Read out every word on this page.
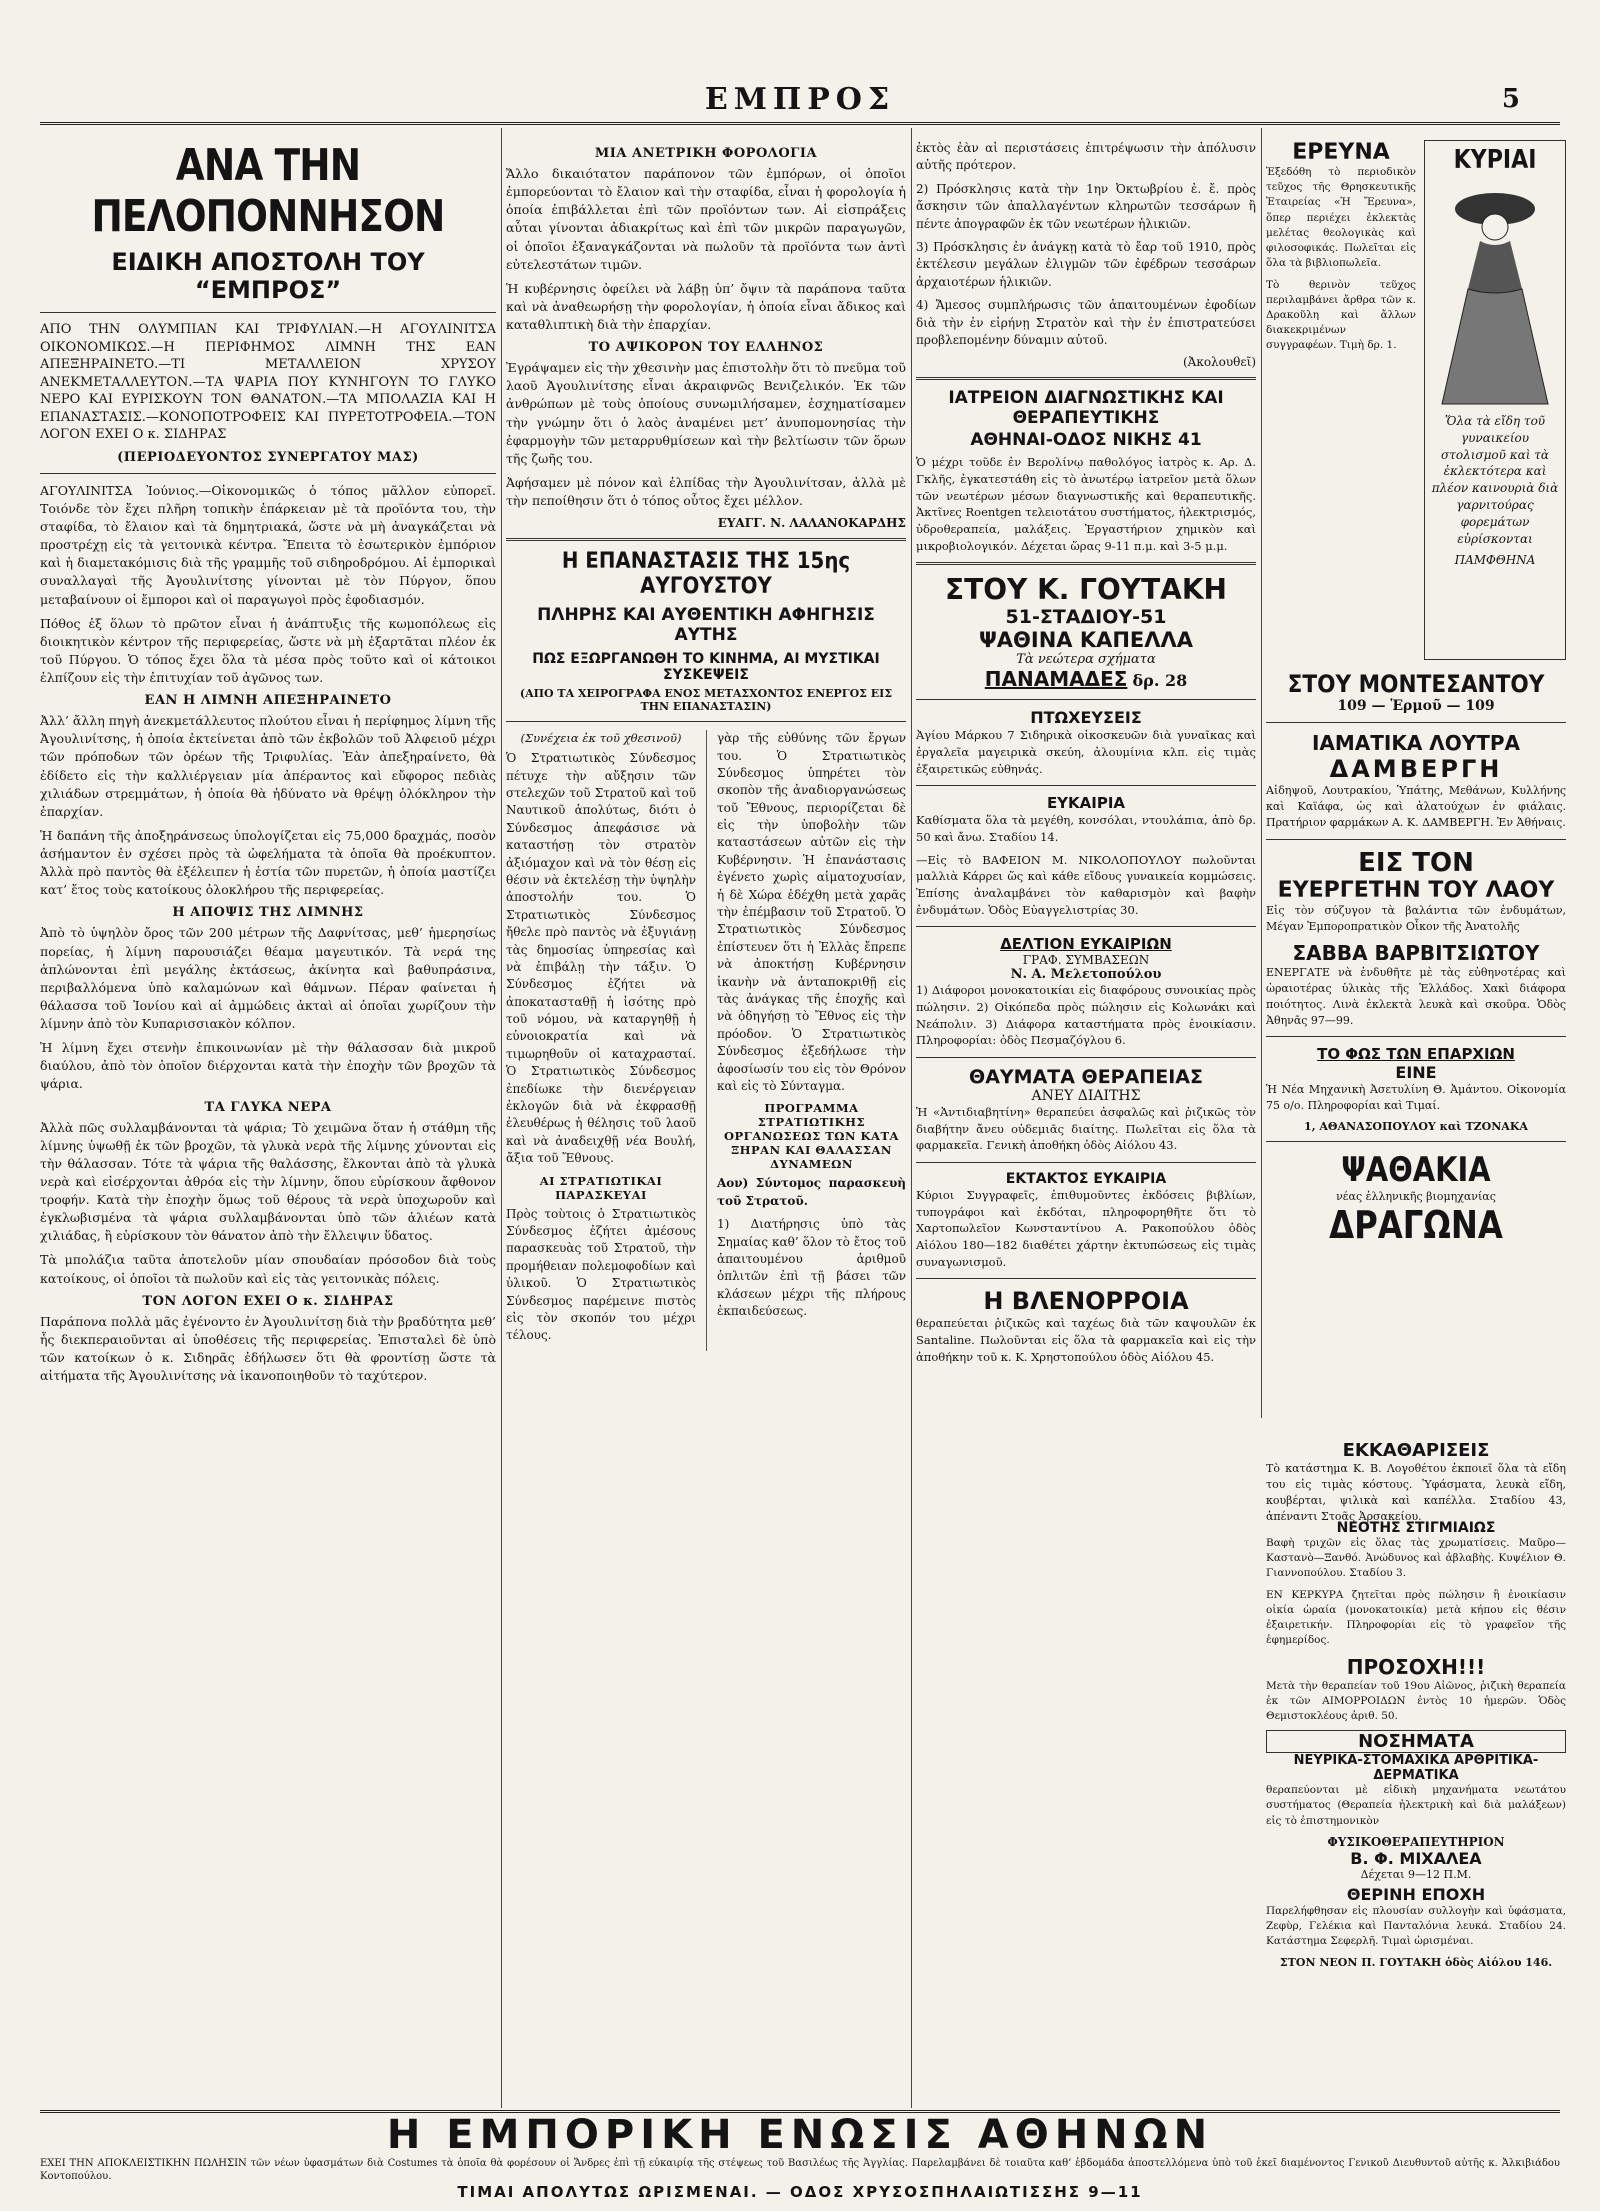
ΕΜΠΡΟΣ	5
ΑΝΑ ΤΗΝ ΠΕΛΟΠΟΝΝΗΣΟΝ
ΕΙΔΙΚΗ ΑΠΟΣΤΟΛΗ ΤΟΥ “ΕΜΠΡΟΣ”
ΑΠΟ ΤΗΝ ΟΛΥΜΠΙΑΝ ΚΑΙ ΤΡΙΦΥΛΙΑΝ.—Η ΑΓΟΥΛΙΝΙΤΣΑ ΟΙΚΟΝΟΜΙΚΩΣ.—Η ΠΕΡΙΦΗΜΟΣ ΛΙΜΝΗ ΤΗΣ ΕΑΝ ΑΠΕΞΗΡΑΙΝΕΤΟ.—ΤΙ ΜΕΤΑΛΛΕΙΟΝ ΧΡΥΣΟΥ ΑΝΕΚΜΕΤΑΛΛΕΥΤΟΝ.—ΤΑ ΨΑΡΙΑ ΠΟΥ ΚΥΝΗΓΟΥΝ ΤΟ ΓΛΥΚΟ ΝΕΡΟ ΚΑΙ ΕΥΡΙΣΚΟΥΝ ΤΟΝ ΘΑΝΑΤΟΝ.—ΤΑ ΜΠΟΛΑΖΙΑ ΚΑΙ Η ΕΠΑΝΑΣΤΑΣΙΣ.—ΚΟΝΟΠΟΤΡΟΦΕΙΣ ΚΑΙ ΠΥΡΕΤΟΤΡΟΦΕΙΑ.—ΤΟΝ ΛΟΓΟΝ ΕΧΕΙ Ο κ. ΣΙΔΗΡΑΣ
(ΠΕΡΙΟΔΕΥΟΝΤΟΣ ΣΥΝΕΡΓΑΤΟΥ ΜΑΣ)

ΑΓΟΥΛΙΝΙΤΣΑ Ἰούνιος.—Οἰκονομικῶς ὁ τόπος μᾶλλον εὐπορεῖ. Τοιόνδε τὸν ἔχει πλῆρη τοπικὴν ἐπάρκειαν μὲ τὰ προϊόντα του, τὴν σταφίδα, τὸ ἔλαιον καὶ τὰ δημητριακά, ὥστε νὰ μὴ ἀναγκάζεται νὰ προστρέχῃ εἰς τὰ γειτονικὰ κέντρα. Ἔπειτα τὸ ἐσωτερικὸν ἐμπόριον καὶ ἡ διαμετακόμισις διὰ τῆς γραμμῆς τοῦ σιδηροδρόμου. Αἱ ἐμπορικαὶ συναλλαγαὶ τῆς Ἀγουλινίτσης γίνονται μὲ τὸν Πύργον, ὅπου μεταβαίνουν οἱ ἔμποροι καὶ οἱ παραγωγοὶ πρὸς ἐφοδιασμόν.

Πόθος ἐξ ὅλων τὸ πρῶτον εἶναι ἡ ἀνάπτυξις τῆς κωμοπόλεως εἰς διοικητικὸν κέντρον τῆς περιφερείας, ὥστε νὰ μὴ ἐξαρτᾶται πλέον ἐκ τοῦ Πύργου. Ὁ τόπος ἔχει ὅλα τὰ μέσα πρὸς τοῦτο καὶ οἱ κάτοικοι ἐλπίζουν εἰς τὴν ἐπιτυχίαν τοῦ ἀγῶνος των.

ΕΑΝ Η ΛΙΜΝΗ ΑΠΕΞΗΡΑΙΝΕΤΟ

Ἀλλ’ ἄλλη πηγὴ ἀνεκμετάλλευτος πλούτου εἶναι ἡ περίφημος λίμνη τῆς Ἀγουλινίτσης, ἡ ὁποία ἐκτείνεται ἀπὸ τῶν ἐκβολῶν τοῦ Ἀλφειοῦ μέχρι τῶν πρόποδων τῶν ὀρέων τῆς Τριφυλίας. Ἐὰν ἀπεξηραίνετο, θὰ ἐδίδετο εἰς τὴν καλλιέργειαν μία ἀπέραντος καὶ εὔφορος πεδιὰς χιλιάδων στρεμμάτων, ἡ ὁποία θὰ ἠδύνατο νὰ θρέψῃ ὁλόκληρον τὴν ἐπαρχίαν.

Ἡ δαπάνη τῆς ἀποξηράνσεως ὑπολογίζεται εἰς 75,000 δραχμάς, ποσὸν ἀσήμαντον ἐν σχέσει πρὸς τὰ ὠφελήματα τὰ ὁποῖα θὰ προέκυπτον. Ἀλλὰ πρὸ παντὸς θὰ ἐξέλειπεν ἡ ἑστία τῶν πυρετῶν, ἡ ὁποία μαστίζει κατ’ ἔτος τοὺς κατοίκους ὁλοκλήρου τῆς περιφερείας.

Η ΑΠΟΨΙΣ ΤΗΣ ΛΙΜΝΗΣ

Ἀπὸ τὸ ὑψηλὸν ὄρος τῶν 200 μέτρων τῆς Δαφνίτσας, μεθ’ ἡμερησίως πορείας, ἡ λίμνη παρουσιάζει θέαμα μαγευτικόν. Τὰ νερά της ἁπλώνονται ἐπὶ μεγάλης ἐκτάσεως, ἀκίνητα καὶ βαθυπράσινα, περιβαλλόμενα ὑπὸ καλαμώνων καὶ θάμνων. Πέραν φαίνεται ἡ θάλασσα τοῦ Ἰονίου καὶ αἱ ἀμμώδεις ἀκταὶ αἱ ὁποῖαι χωρίζουν τὴν λίμνην ἀπὸ τὸν Κυπαρισσιακὸν κόλπον.

Ἡ λίμνη ἔχει στενὴν ἐπικοινωνίαν μὲ τὴν θάλασσαν διὰ μικροῦ διαύλου, ἀπὸ τὸν ὁποῖον διέρχονται κατὰ τὴν ἐποχὴν τῶν βροχῶν τὰ ψάρια.

ΤΑ ΓΛΥΚΑ ΝΕΡΑ

Ἀλλὰ πῶς συλλαμβάνονται τὰ ψάρια; Τὸ χειμῶνα ὅταν ἡ στάθμη τῆς λίμνης ὑψωθῇ ἐκ τῶν βροχῶν, τὰ γλυκὰ νερὰ τῆς λίμνης χύνονται εἰς τὴν θάλασσαν. Τότε τὰ ψάρια τῆς θαλάσσης, ἔλκονται ἀπὸ τὰ γλυκὰ νερὰ καὶ εἰσέρχονται ἀθρόα εἰς τὴν λίμνην, ὅπου εὑρίσκουν ἄφθονον τροφήν. Κατὰ τὴν ἐποχὴν ὅμως τοῦ θέρους τὰ νερὰ ὑποχωροῦν καὶ ἐγκλωβισμένα τὰ ψάρια συλλαμβάνονται ὑπὸ τῶν ἁλιέων κατὰ χιλιάδας, ἢ εὑρίσκουν τὸν θάνατον ἀπὸ τὴν ἔλλειψιν ὕδατος.

Τὰ μπολάζια ταῦτα ἀποτελοῦν μίαν σπουδαίαν πρόσοδον διὰ τοὺς κατοίκους, οἱ ὁποῖοι τὰ πωλοῦν καὶ εἰς τὰς γειτονικὰς πόλεις.

ΤΟΝ ΛΟΓΟΝ ΕΧΕΙ Ο κ. ΣΙΔΗΡΑΣ

Παράπονα πολλὰ μᾶς ἐγένοντο ἐν Ἀγουλινίτσῃ διὰ τὴν βραδύτητα μεθ’ ἧς διεκπεραιοῦνται αἱ ὑποθέσεις τῆς περιφερείας. Ἐπισταλεὶ δὲ ὑπὸ τῶν κατοίκων ὁ κ. Σιδηρᾶς ἐδήλωσεν ὅτι θὰ φροντίσῃ ὥστε τὰ αἰτήματα τῆς Ἀγουλινίτσης νὰ ἱκανοποιηθοῦν τὸ ταχύτερον.

ΜΙΑ ΑΝΕΤΡΙΚΗ ΦΟΡΟΛΟΓΙΑ

Ἄλλο δικαιότατον παράπονον τῶν ἐμπόρων, οἱ ὁποῖοι ἐμπορεύονται τὸ ἔλαιον καὶ τὴν σταφίδα, εἶναι ἡ φορολογία ἡ ὁποία ἐπιβάλλεται ἐπὶ τῶν προϊόντων των. Αἱ εἰσπράξεις αὗται γίνονται ἀδιακρίτως καὶ ἐπὶ τῶν μικρῶν παραγωγῶν, οἱ ὁποῖοι ἐξαναγκάζονται νὰ πωλοῦν τὰ προϊόντα των ἀντὶ εὐτελεστάτων τιμῶν.

Ἡ κυβέρνησις ὀφείλει νὰ λάβῃ ὑπ’ ὄψιν τὰ παράπονα ταῦτα καὶ νὰ ἀναθεωρήσῃ τὴν φορολογίαν, ἡ ὁποία εἶναι ἄδικος καὶ καταθλιπτικὴ διὰ τὴν ἐπαρχίαν.

ΤΟ ΑΨΙΚΟΡΟΝ ΤΟΥ ΕΛΛΗΝΟΣ

Ἐγράψαμεν εἰς τὴν χθεσινὴν μας ἐπιστολὴν ὅτι τὸ πνεῦμα τοῦ λαοῦ Ἀγουλινίτσης εἶναι ἀκραιφνῶς Βενιζελικόν. Ἐκ τῶν ἀνθρώπων μὲ τοὺς ὁποίους συνωμιλήσαμεν, ἐσχηματίσαμεν τὴν γνώμην ὅτι ὁ λαὸς ἀναμένει μετ’ ἀνυπομονησίας τὴν ἐφαρμογὴν τῶν μεταρρυθμίσεων καὶ τὴν βελτίωσιν τῶν ὅρων τῆς ζωῆς του.

Ἀφήσαμεν μὲ πόνον καὶ ἐλπίδας τὴν Ἀγουλινίτσαν, ἀλλὰ μὲ τὴν πεποίθησιν ὅτι ὁ τόπος οὗτος ἔχει μέλλον.

ΕΥΑΓΓ. Ν. ΛΑΛΑΝΟΚΑΡΔΗΣ
Η ΕΠΑΝΑΣΤΑΣΙΣ ΤΗΣ 15ης ΑΥΓΟΥΣΤΟΥ
ΠΛΗΡΗΣ ΚΑΙ ΑΥΘΕΝΤΙΚΗ ΑΦΗΓΗΣΙΣ ΑΥΤΗΣ
ΠΩΣ ΕΞΩΡΓΑΝΩΘΗ ΤΟ ΚΙΝΗΜΑ, ΑΙ ΜΥΣΤΙΚΑΙ ΣΥΣΚΕΨΕΙΣ
(ΑΠΟ ΤΑ ΧΕΙΡΟΓΡΑΦΑ ΕΝΟΣ ΜΕΤΑΣΧΟΝΤΟΣ ΕΝΕΡΓΟΣ ΕΙΣ ΤΗΝ ΕΠΑΝΑΣΤΑΣΙΝ)
(Συνέχεια ἐκ τοῦ χθεσινοῦ)

Ὁ Στρατιωτικὸς Σύνδεσμος πέτυχε τὴν αὔξησιν τῶν στελεχῶν τοῦ Στρατοῦ καὶ τοῦ Ναυτικοῦ ἀπολύτως, διότι ὁ Σύνδεσμος ἀπεφάσισε νὰ καταστήσῃ τὸν στρατὸν ἀξιόμαχον καὶ νὰ τὸν θέσῃ εἰς θέσιν νὰ ἐκτελέσῃ τὴν ὑψηλὴν ἀποστολήν του. Ὁ Στρατιωτικὸς Σύνδεσμος ἤθελε πρὸ παντὸς νὰ ἐξυγιάνῃ τὰς δημοσίας ὑπηρεσίας καὶ νὰ ἐπιβάλῃ τὴν τάξιν. Ὁ Σύνδεσμος ἐζήτει νὰ ἀποκατασταθῇ ἡ ἰσότης πρὸ τοῦ νόμου, νὰ καταργηθῇ ἡ εὐνοιοκρατία καὶ νὰ τιμωρηθοῦν οἱ καταχρασταί. Ὁ Στρατιωτικὸς Σύνδεσμος ἐπεδίωκε τὴν διενέργειαν ἐκλογῶν διὰ νὰ ἐκφρασθῇ ἐλευθέρως ἡ θέλησις τοῦ λαοῦ καὶ νὰ ἀναδειχθῇ νέα Βουλή, ἄξια τοῦ Ἔθνους.

ΑΙ ΣΤΡΑΤΙΩΤΙΚΑΙ ΠΑΡΑΣΚΕΥΑΙ

Πρὸς τοὺτοις ὁ Στρατιωτικὸς Σύνδεσμος ἐζήτει ἀμέσους παρασκευὰς τοῦ Στρατοῦ, τὴν προμήθειαν πολεμοφοδίων καὶ ὑλικοῦ. Ὁ Στρατιωτικὸς Σύνδεσμος παρέμεινε πιστὸς εἰς τὸν σκοπόν του μέχρι τέλους.

γὰρ τῆς εὐθύνης τῶν ἔργων του. Ὁ Στρατιωτικὸς Σύνδεσμος ὑπηρέτει τὸν σκοπὸν τῆς ἀναδιοργανώσεως τοῦ Ἔθνους, περιορίζεται δὲ εἰς τὴν ὑποβολὴν τῶν καταστάσεων αὐτῶν εἰς τὴν Κυβέρνησιν. Ἡ ἐπανάστασις ἐγένετο χωρὶς αἱματοχυσίαν, ἡ δὲ Χώρα ἐδέχθη μετὰ χαρᾶς τὴν ἐπέμβασιν τοῦ Στρατοῦ. Ὁ Στρατιωτικὸς Σύνδεσμος ἐπίστευεν ὅτι ἡ Ἑλλὰς ἔπρεπε νὰ ἀποκτήσῃ Κυβέρνησιν ἱκανὴν νὰ ἀνταποκριθῇ εἰς τὰς ἀνάγκας τῆς ἐποχῆς καὶ νὰ ὁδηγήσῃ τὸ Ἔθνος εἰς τὴν πρόοδον. Ὁ Στρατιωτικὸς Σύνδεσμος ἐξεδήλωσε τὴν ἀφοσίωσίν του εἰς τὸν Θρόνον καὶ εἰς τὸ Σύνταγμα.

ΠΡΟΓΡΑΜΜΑ ΣΤΡΑΤΙΩΤΙΚΗΣ ΟΡΓΑΝΩΣΕΩΣ ΤΩΝ ΚΑΤΑ ΞΗΡΑΝ ΚΑΙ ΘΑΛΑΣΣΑΝ ΔΥΝΑΜΕΩΝ

Αον) Σύντομος παρασκευὴ τοῦ Στρατοῦ.

1) Διατήρησις ὑπὸ τὰς Σημαίας καθ’ ὅλον τὸ ἔτος τοῦ ἀπαιτουμένου ἀριθμοῦ ὁπλιτῶν ἐπὶ τῇ βάσει τῶν κλάσεων μέχρι τῆς πλήρους ἐκπαιδεύσεως.

ἐκτὸς ἐὰν αἱ περιστάσεις ἐπιτρέψωσιν τὴν ἀπόλυσιν αὐτῆς πρότερον.

2) Πρόσκλησις κατὰ τὴν 1ην Ὀκτωβρίου ἐ. ἔ. πρὸς ἄσκησιν τῶν ἀπαλλαγέντων κληρωτῶν τεσσάρων ἢ πέντε ἀπογραφῶν ἐκ τῶν νεωτέρων ἡλικιῶν.

3) Πρόσκλησις ἐν ἀνάγκῃ κατὰ τὸ ἔαρ τοῦ 1910, πρὸς ἐκτέλεσιν μεγάλων ἐλιγμῶν τῶν ἐφέδρων τεσσάρων ἀρχαιοτέρων ἡλικιῶν.

4) Ἄμεσος συμπλήρωσις τῶν ἀπαιτουμένων ἐφοδίων διὰ τὴν ἐν εἰρήνῃ Στρατὸν καὶ τὴν ἐν ἐπιστρατεύσει προβλεπομένην δύναμιν αὐτοῦ.

(Ἀκολουθεῖ)
ΙΑΤΡΕΙΟΝ ΔΙΑΓΝΩΣΤΙΚΗΣ ΚΑΙ ΘΕΡΑΠΕΥΤΙΚΗΣ
ΑΘΗΝΑΙ-ΟΔΟΣ ΝΙΚΗΣ 41

Ὁ μέχρι τοῦδε ἐν Βερολίνῳ παθολόγος ἰατρὸς κ. Αρ. Δ. Γκλῆς, ἐγκατεστάθη εἰς τὸ ἀνωτέρῳ ἰατρεῖον μετὰ ὅλων τῶν νεωτέρων μέσων διαγνωστικῆς καὶ θεραπευτικῆς. Ἀκτῖνες Roentgen τελειοτάτου συστήματος, ἠλεκτρισμός, ὑδροθεραπεία, μαλάξεις. Ἐργαστήριον χημικὸν καὶ μικροβιολογικόν. Δέχεται ὥρας 9-11 π.μ. καὶ 3-5 μ.μ.

ΣΤΟΥ Κ. ΓΟΥΤΑΚΗ
51-ΣΤΑΔΙΟΥ-51
ΨΑΘΙΝΑ ΚΑΠΕΛΛΑ
Τὰ νεώτερα σχήματα
ΠΑΝΑΜΑΔΕΣ δρ. 28
ΠΤΩΧΕΥΣΕΙΣ

Ἀγίου Μάρκου 7 Σιδηρικὰ οἰκοσκευῶν διὰ γυναῖκας καὶ ἐργαλεῖα μαγειρικὰ σκεύη, ἀλουμίνια κλπ. εἰς τιμὰς ἐξαιρετικῶς εὐθηνάς.

ΕΥΚΑΙΡΙΑ

Καθίσματα ὅλα τὰ μεγέθη, κονσόλαι, ντουλάπια, ἀπὸ δρ. 50 καὶ ἄνω. Σταδίου 14.

—Εἰς τὸ ΒΑΦΕΙΟΝ Μ. ΝΙΚΟΛΟΠΟΥΛΟΥ πωλοῦνται μαλλιὰ Κάρρει ὥς καὶ κάθε εἴδους γυναικεία κομμώσεις. Ἐπίσης ἀναλαμβάνει τὸν καθαρισμὸν καὶ βαφὴν ἐνδυμάτων. Ὁδὸς Εὐαγγελιστρίας 30.

ΔΕΛΤΙΟΝ ΕΥΚΑΙΡΙΩΝ
ΓΡΑΦ. ΣΥΜΒΑΣΕΩΝ
Ν. Α. Μελετοπούλου

1) Διάφοροι μονοκατοικίαι εἰς διαφόρους συνοικίας πρὸς πώλησιν. 2) Οἰκόπεδα πρὸς πώλησιν εἰς Κολωνάκι καὶ Νεάπολιν. 3) Διάφορα καταστήματα πρὸς ἐνοικίασιν. Πληροφορίαι: ὁδὸς Πεσμαζόγλου 6.

ΘΑΥΜΑΤΑ ΘΕΡΑΠΕΙΑΣ
ΑΝΕΥ ΔΙΑΙΤΗΣ

Ἡ «Ἀντιδιαβητίνη» θεραπεύει ἀσφαλῶς καὶ ῥιζικῶς τὸν διαβήτην ἄνευ οὐδεμιᾶς διαίτης. Πωλεῖται εἰς ὅλα τὰ φαρμακεῖα. Γενικὴ ἀποθήκη ὁδὸς Αἰόλου 43.

ΕΚΤΑΚΤΟΣ ΕΥΚΑΙΡΙΑ

Κύριοι Συγγραφεῖς, ἐπιθυμοῦντες ἐκδόσεις βιβλίων, τυπογράφοι καὶ ἐκδόται, πληροφορηθῆτε ὅτι τὸ Χαρτοπωλεῖον Κωνσταντίνου Α. Ρακοπούλου ὁδὸς Αἰόλου 180—182 διαθέτει χάρτην ἐκτυπώσεως εἰς τιμὰς συναγωνισμοῦ.

Η ΒΛΕΝΟΡΡΟΙΑ

θεραπεύεται ῥιζικῶς καὶ ταχέως διὰ τῶν καψουλῶν ἐκ Santaline. Πωλοῦνται εἰς ὅλα τὰ φαρμακεῖα καὶ εἰς τὴν ἀποθήκην τοῦ κ. Κ. Χρηστοπούλου ὁδὸς Αἰόλου 45.

ΕΡΕΥΝΑ

Ἐξεδόθη τὸ περιοδικὸν τεῦχος τῆς Θρησκευτικῆς Ἐταιρείας «Ἡ Ἔρευνα», ὅπερ περιέχει ἐκλεκτὰς μελέτας θεολογικὰς καὶ φιλοσοφικάς. Πωλεῖται εἰς ὅλα τὰ βιβλιοπωλεῖα.

Τὸ θερινὸν τεῦχος περιλαμβάνει ἄρθρα τῶν κ. Δρακοῦλη καὶ ἄλλων διακεκριμένων συγγραφέων. Τιμὴ δρ. 1.

ΚΥΡΙΑΙ
Ὅλα τὰ εἴδη τοῦ γυναικείου στολισμοῦ καὶ τὰ ἐκλεκτότερα καὶ πλέον καινουριὰ διὰ γαρνιτούρας φορεμάτων εὑρίσκονται
ΠΑΜΦΘΗΝΑ
ΣΤΟΥ ΜΟΝΤΕΣΑΝΤΟΥ
109 — Ἑρμοῦ — 109
ΙΑΜΑΤΙΚΑ ΛΟΥΤΡΑ
ΔΑΜΒΕΡΓΗ

Αἰδηψοῦ, Λουτρακίου, Ὑπάτης, Μεθάνων, Κυλλήνης καὶ Καϊάφα, ὡς καὶ ἁλατούχων ἐν φιάλαις. Πρατήριον φαρμάκων Α. Κ. ΔΑΜΒΕΡΓΗ. Ἐν Ἀθήναις.

ΕΙΣ ΤΟΝ
ΕΥΕΡΓΕΤΗΝ ΤΟΥ ΛΑΟΥ

Εἰς τὸν σύζυγον τὰ βαλάντια τῶν ἐνδυμάτων, Μέγαν Ἐμποροπρατικὸν Οἶκον τῆς Ἀνατολῆς

ΣΑΒΒΑ ΒΑΡΒΙΤΣΙΩΤΟΥ

ΕΝΕΡΓΑΤΕ νὰ ἐνδυθῆτε μὲ τὰς εὐθηνοτέρας καὶ ὡραιοτέρας ὑλικὰς τῆς Ἑλλάδος. Χακὶ διάφορα ποιότητος. Λινὰ ἐκλεκτὰ λευκὰ καὶ σκοῦρα. Ὁδὸς Ἀθηνᾶς 97—99.

ΤΟ ΦΩΣ ΤΩΝ ΕΠΑΡΧΙΩΝ
ΕΙΝΕ

Ἡ Νέα Μηχανικὴ Ἀσετυλίνη Θ. Ἀμάντου. Οἰκονομία 75 ο/ο. Πληροφορίαι καὶ Τιμαί.

1, ΑΘΑΝΑΣΟΠΟΥΛΟΥ καὶ ΤΖΟΝΑΚΑ
ΨΑΘΑΚΙΑ
νέας ἑλληνικῆς βιομηχανίας
ΔΡΑΓΩΝΑ
ΕΚΚΑΘΑΡΙΣΕΙΣ

Τὸ κατάστημα Κ. Β. Λογοθέτου ἐκποιεῖ ὅλα τὰ εἴδη του εἰς τιμὰς κόστους. Ὑφάσματα, λευκὰ εἴδη, κουβέρται, ψιλικὰ καὶ καπέλλα. Σταδίου 43, ἀπέναντι Στοᾶς Ἀρσακείου.

ΝΕΟΤΗΣ ΣΤΙΓΜΙΑΙΩΣ

Βαφὴ τριχῶν εἰς ὅλας τὰς χρωματίσεις. Μαῦρο—Καστανὸ—Ξανθό. Ἀνώδυνος καὶ ἀβλαβὴς. Κυψέλιον Θ. Γιαννοπούλου. Σταδίου 3.

ΕΝ ΚΕΡΚΥΡΑ ζητεῖται πρὸς πώλησιν ἢ ἐνοικίασιν οἰκία ὡραία (μονοκατοικία) μετὰ κήπου εἰς θέσιν ἐξαιρετικήν. Πληροφορίαι εἰς τὸ γραφεῖον τῆς ἐφημερίδος.

ΠΡΟΣΟΧΗ!!!

Μετὰ τὴν θεραπείαν τοῦ 19ου Αἰῶνος, ῥιζικὴ θεραπεία ἐκ τῶν ΑΙΜΟΡΡΟΙΔΩΝ ἐντὸς 10 ἡμερῶν. Ὁδὸς Θεμιστοκλέους ἀριθ. 50.

ΝΟΣΗΜΑΤΑ
ΝΕΥΡΙΚΑ-ΣΤΟΜΑΧΙΚΑ ΑΡΘΡΙΤΙΚΑ-ΔΕΡΜΑΤΙΚΑ

θεραπεύονται μὲ εἰδικὴ μηχανήματα νεωτάτου συστήματος (Θεραπεία ἠλεκτρικὴ καὶ διὰ μαλάξεων) εἰς τὸ ἐπιστημονικὸν

ΦΥΣΙΚΟΘΕΡΑΠΕΥΤΗΡΙΟΝ
Β. Φ. ΜΙΧΑΛΕΑ
Δέχεται 9—12 Π.Μ.
ΘΕΡΙΝΗ ΕΠΟΧΗ

Παρελήφθησαν εἰς πλουσίαν συλλογὴν καὶ ὑφάσματα, Ζεφὺρ, Γελέκια καὶ Πανταλόνια λευκά. Σταδίου 24. Κατάστημα Σεφερλῆ. Τιμαὶ ὡρισμέναι.

ΣΤΟΝ ΝΕΟΝ Π. ΓΟΥΤΑΚΗ ὁδὸς Αἰόλου 146.
Η ΕΜΠΟΡΙΚΗ ΕΝΩΣΙΣ ΑΘΗΝΩΝ
ΕΧΕΙ ΤΗΝ ΑΠΟΚΛΕΙΣΤΙΚΗΝ ΠΩΛΗΣΙΝ τῶν νέων ὑφασμάτων διὰ Costumes τὰ ὁποῖα θὰ φορέσουν οἱ Ἄνδρες ἐπὶ τῇ εὐκαιρίᾳ τῆς στέψεως τοῦ Βασιλέως τῆς Ἀγγλίας. Παρελαμβάνει δὲ τοιαῦτα καθ’ ἑβδομάδα ἀποστελλόμενα ὑπὸ τοῦ ἐκεῖ διαμένοντος Γενικοῦ Διευθυντοῦ αὐτῆς κ. Ἀλκιβιάδου Κοντοπούλου.
ΤΙΜΑΙ ΑΠΟΛΥΤΩΣ ΩΡΙΣΜΕΝΑΙ. — ΟΔΟΣ ΧΡΥΣΟΣΠΗΛΑΙΩΤΙΣΣΗΣ 9—11
